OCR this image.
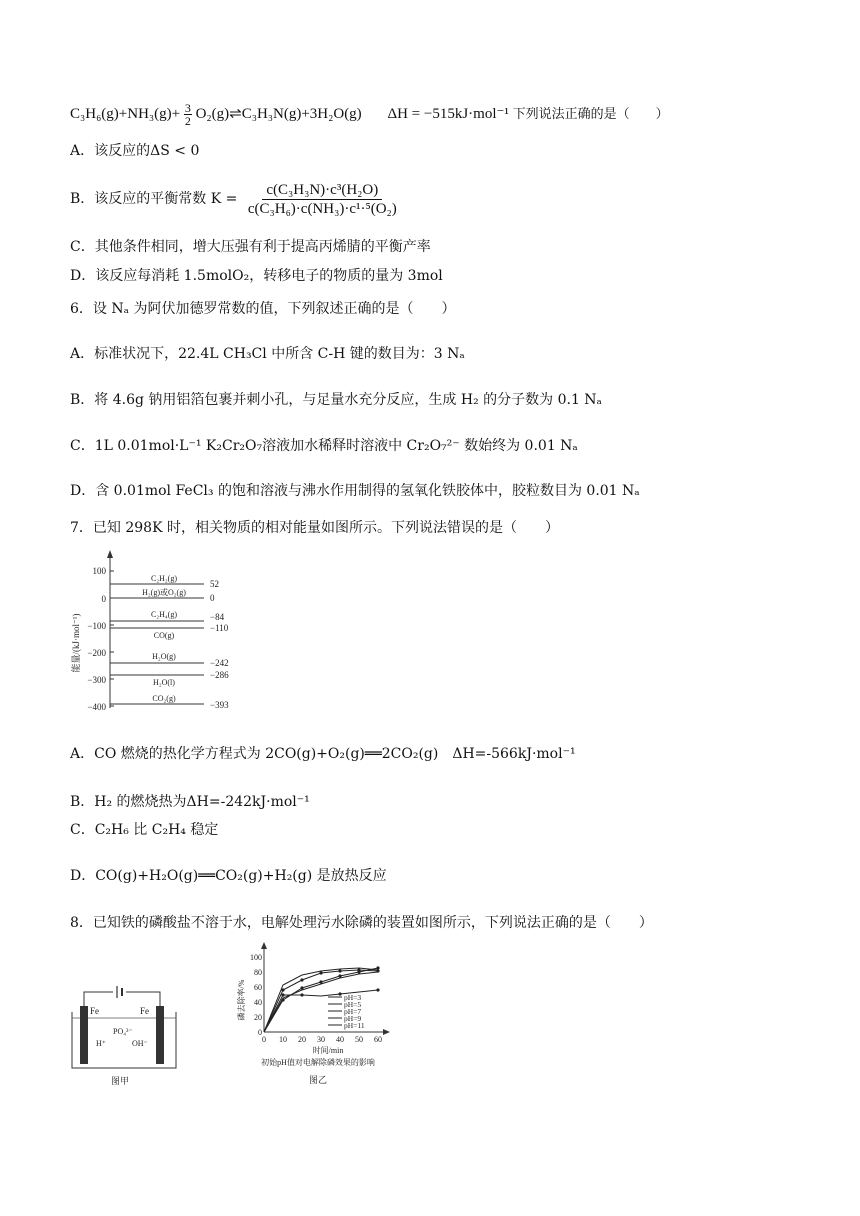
$C_3H_6(g)+NH_3(g)+ \frac{3}{2}$ O₂(g)⇌C₃H₃N(g)+3H₂O(g) ΔH = −515kJ·mol⁻¹ 下列说法正确的是（　　）
A．该反应的ΔS < 0
B．该反应的平衡常数 $K = \frac{\text{c(C₃H₃N)·c³(H₂O)}}{\text{c(C₃H₆)·c(NH₃)·c¹·⁵(O₂)}}$
C．其他条件相同，增大压强有利于提高丙烯腈的平衡产率
D．该反应每消耗 1.5molO₂，转移电子的物质的量为 3mol
6．设 Nₐ 为阿伏加德罗常数的值，下列叙述正确的是（　　）
A．标准状况下，22.4L CH₃Cl 中所含 C-H 键的数目为：3 Nₐ
B．将 4.6g 钠用铝箔包裹并刺小孔，与足量水充分反应，生成 H₂ 的分子数为 0.1 Nₐ
C．1L 0.01mol·L⁻¹ K₂Cr₂O₇溶液加水稀释时溶液中 Cr₂O₇²⁻ 数始终为 0.01 Nₐ
D．含 0.01mol FeCl₃ 的饱和溶液与沸水作用制得的氢氧化铁胶体中，胶粒数目为 0.01 Nₐ
7．已知 298K 时，相关物质的相对能量如图所示。下列说法错误的是（　　）
能量/(kJ·mol⁻¹)
100
0
−100
−200
−300
−400
C₂H₂(g)
H₂(g)或O₂(g)
C₂H₄(g)
CO(g)
H₂O(g)
H₂O(l)
CO₂(g)
52
0
−84
−110
−242
−286
−393
A．CO 燃烧的热化学方程式为 2CO(g)+O₂(g)══2CO₂(g)　ΔH=-566kJ·mol⁻¹
B．H₂ 的燃烧热为ΔH=-242kJ·mol⁻¹
C．C₂H₆ 比 C₂H₄ 稳定
D．CO(g)+H₂O(g)══CO₂(g)+H₂(g) 是放热反应
8．已知铁的磷酸盐不溶于水，电解处理污水除磷的装置如图所示，下列说法正确的是（　　）
Fe	Fe
PO₄³⁻
H⁺	OH⁻
图甲
磷去除率/%
0
20
40
60
80
100
0 10 20 30 40 50 60
pH=3
pH=5
pH=7
pH=9
pH=11
时间/min
初始pH值对电解除磷效果的影响
图乙
